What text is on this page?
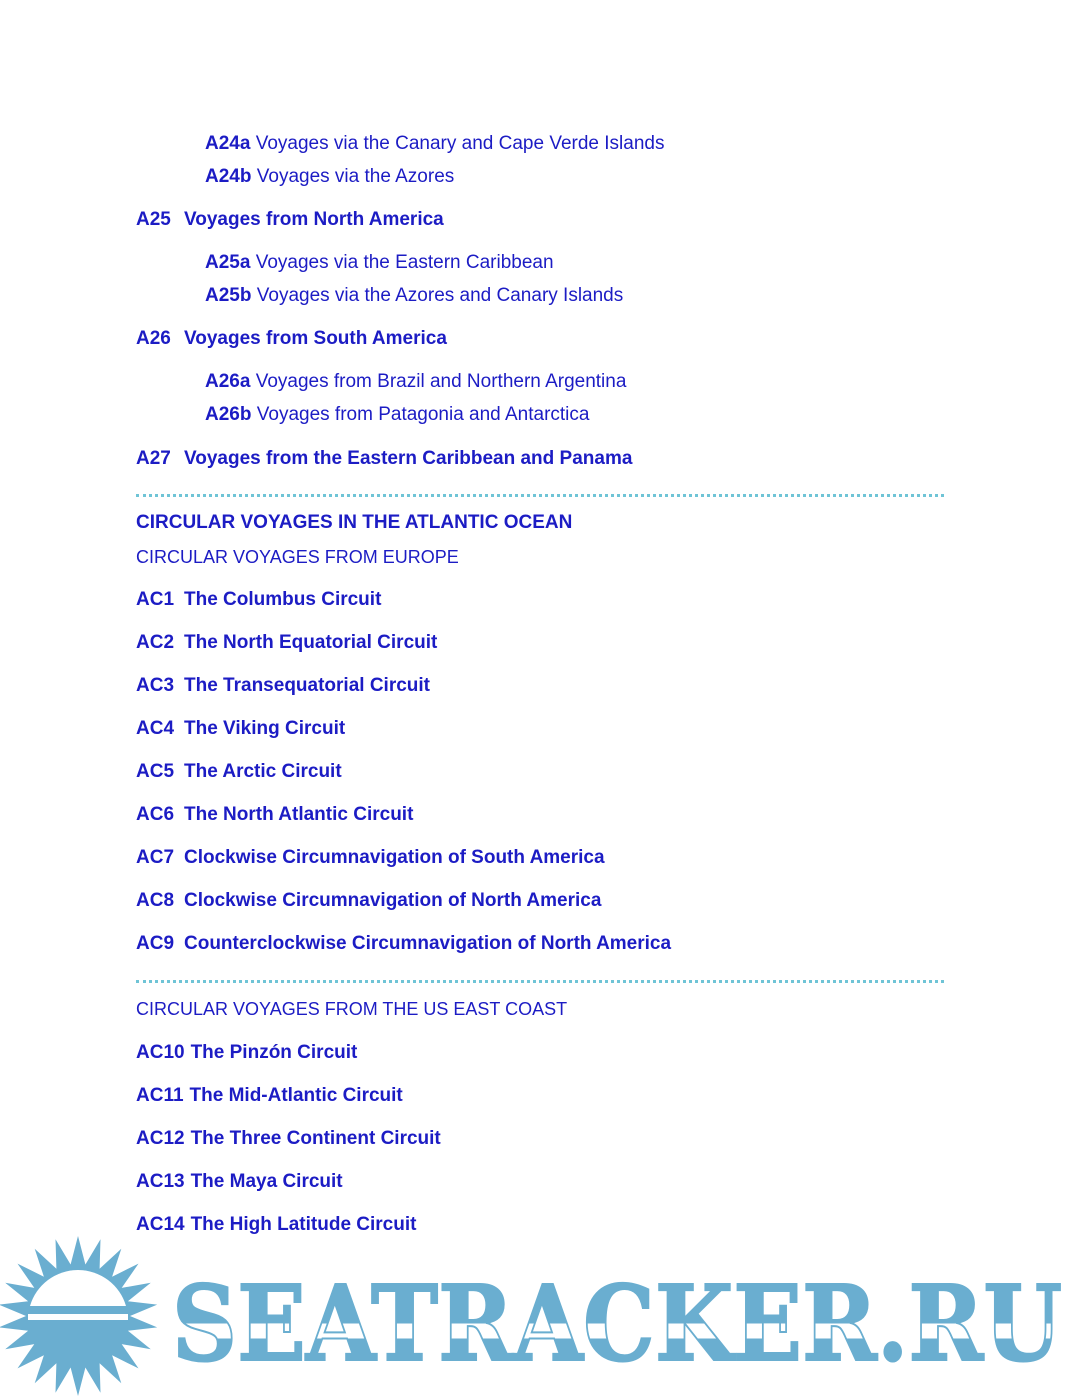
A24a Voyages via the Canary and Cape Verde Islands
A24b Voyages via the Azores
A25 Voyages from North America
A25a Voyages via the Eastern Caribbean
A25b Voyages via the Azores and Canary Islands
A26 Voyages from South America
A26a Voyages from Brazil and Northern Argentina
A26b Voyages from Patagonia and Antarctica
A27 Voyages from the Eastern Caribbean and Panama
CIRCULAR VOYAGES IN THE ATLANTIC OCEAN
CIRCULAR VOYAGES FROM EUROPE
AC1 The Columbus Circuit
AC2 The North Equatorial Circuit
AC3 The Transequatorial Circuit
AC4 The Viking Circuit
AC5 The Arctic Circuit
AC6 The North Atlantic Circuit
AC7 Clockwise Circumnavigation of South America
AC8 Clockwise Circumnavigation of North America
AC9 Counterclockwise Circumnavigation of North America
CIRCULAR VOYAGES FROM THE US EAST COAST
AC10 The Pinzón Circuit
AC11 The Mid-Atlantic Circuit
AC12 The Three Continent Circuit
AC13 The Maya Circuit
AC14 The High Latitude Circuit
SEATRACKER.RU
